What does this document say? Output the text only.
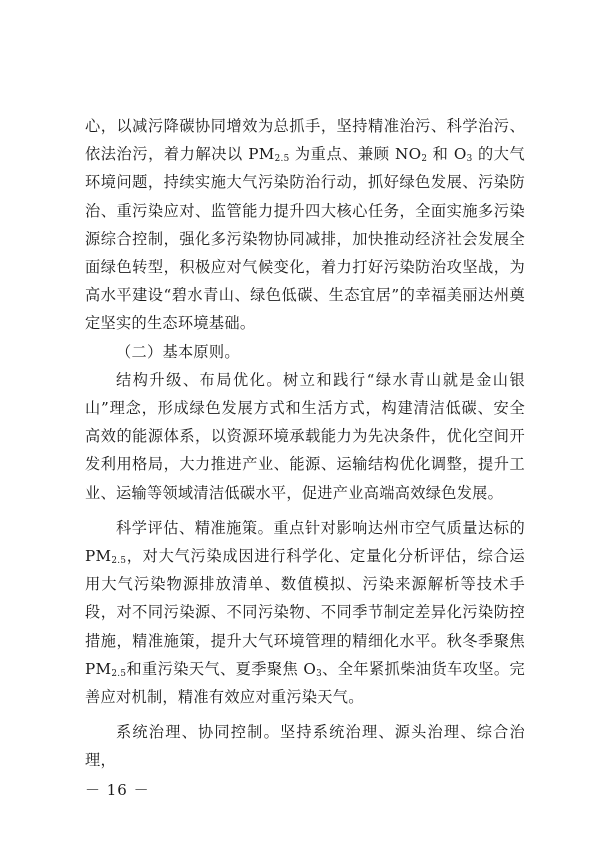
心，以减污降碳协同增效为总抓手，坚持精准治污、科学治污、依法治污，着力解决以 $PM_{2.5}$ 为重点、兼顾 $NO_2$ 和 $O_3$ 的大气环境问题，持续实施大气污染防治行动，抓好绿色发展、污染防治、重污染应对、监管能力提升四大核心任务，全面实施多污染源综合控制，强化多污染物协同减排，加快推动经济社会发展全面绿色转型，积极应对气候变化，着力打好污染防治攻坚战，为高水平建设“碧水青山、绿色低碳、生态宜居”的幸福美丽达州奠定坚实的生态环境基础。

（二）基本原则。

结构升级、布局优化。树立和践行“绿水青山就是金山银山”理念，形成绿色发展方式和生活方式，构建清洁低碳、安全高效的能源体系，以资源环境承载能力为先决条件，优化空间开发利用格局，大力推进产业、能源、运输结构优化调整，提升工业、运输等领域清洁低碳水平，促进产业高端高效绿色发展。

科学评估、精准施策。重点针对影响达州市空气质量达标的$PM_{2.5}$，对大气污染成因进行科学化、定量化分析评估，综合运用大气污染物源排放清单、数值模拟、污染来源解析等技术手段，对不同污染源、不同污染物、不同季节制定差异化污染防控措施，精准施策，提升大气环境管理的精细化水平。秋冬季聚焦 $PM_{2.5}$和重污染天气、夏季聚焦 $O_3$、全年紧抓柴油货车攻坚。完善应对机制，精准有效应对重污染天气。

系统治理、协同控制。坚持系统治理、源头治理、综合治理，

－ 16 －
